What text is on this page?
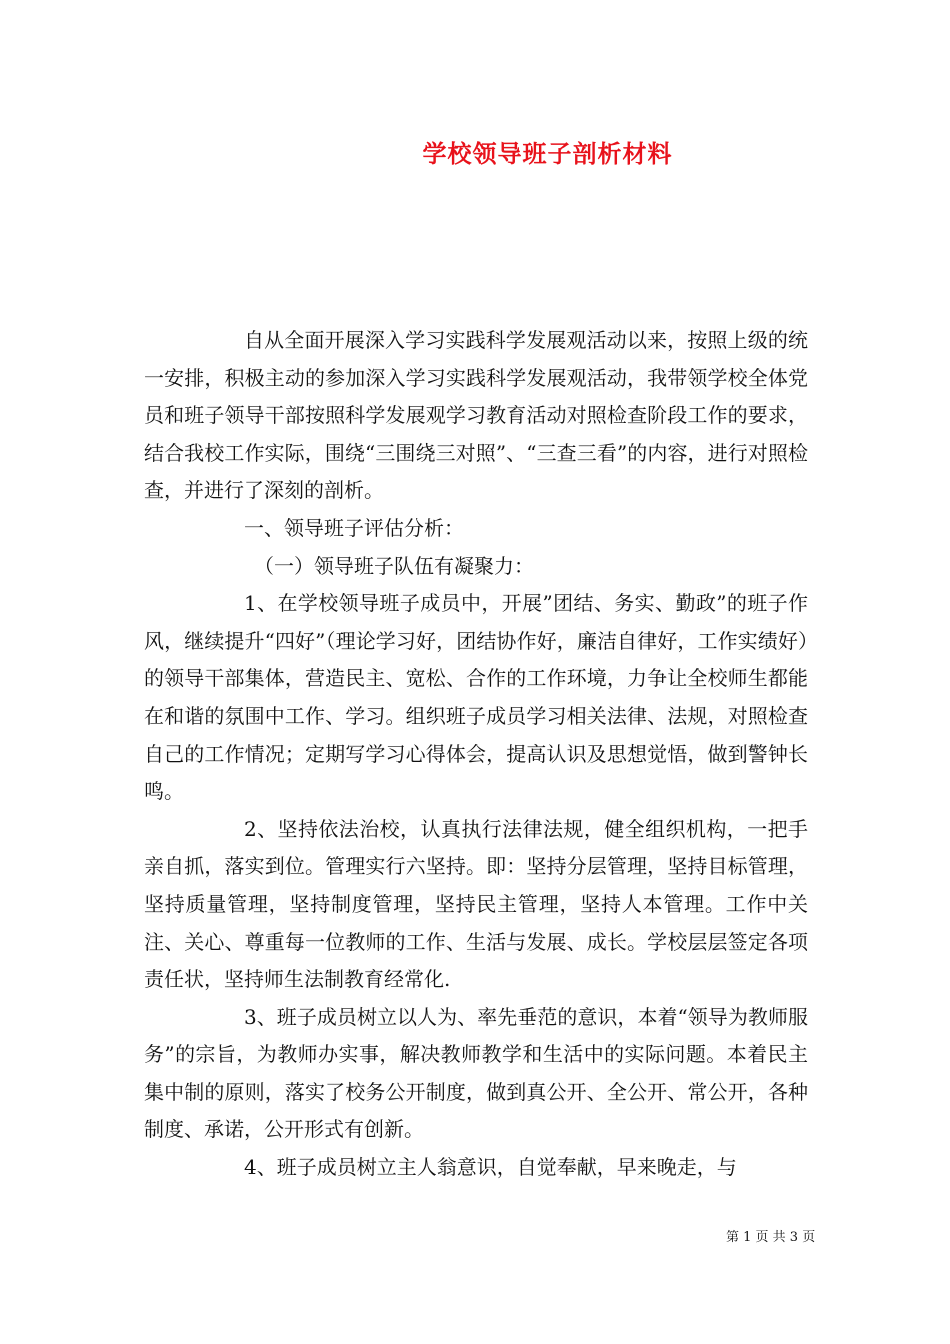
学校领导班子剖析材料

自从全面开展深入学习实践科学发展观活动以来，按照上级的统一安排，积极主动的参加深入学习实践科学发展观活动，我带领学校全体党员和班子领导干部按照科学发展观学习教育活动对照检查阶段工作的要求，结合我校工作实际，围绕“三围绕三对照”、“三查三看”的内容，进行对照检查，并进行了深刻的剖析。

一、领导班子评估分析：

（一）领导班子队伍有凝聚力：

1、在学校领导班子成员中，开展”团结、务实、勤政”的班子作风，继续提升“四好”（理论学习好，团结协作好，廉洁自律好，工作实绩好）的领导干部集体，营造民主、宽松、合作的工作环境，力争让全校师生都能在和谐的氛围中工作、学习。组织班子成员学习相关法律、法规，对照检查自己的工作情况；定期写学习心得体会，提高认识及思想觉悟，做到警钟长鸣。

2、坚持依法治校，认真执行法律法规，健全组织机构，一把手亲自抓，落实到位。管理实行六坚持。即：坚持分层管理，坚持目标管理，坚持质量管理，坚持制度管理，坚持民主管理，坚持人本管理。工作中关注、关心、尊重每一位教师的工作、生活与发展、成长。学校层层签定各项责任状，坚持师生法制教育经常化.

3、班子成员树立以人为、率先垂范的意识，本着“领导为教师服务”的宗旨，为教师办实事，解决教师教学和生活中的实际问题。本着民主集中制的原则，落实了校务公开制度，做到真公开、全公开、常公开，各种制度、承诺，公开形式有创新。

4、班子成员树立主人翁意识，自觉奉献，早来晚走，与

第 1 页 共 3 页
